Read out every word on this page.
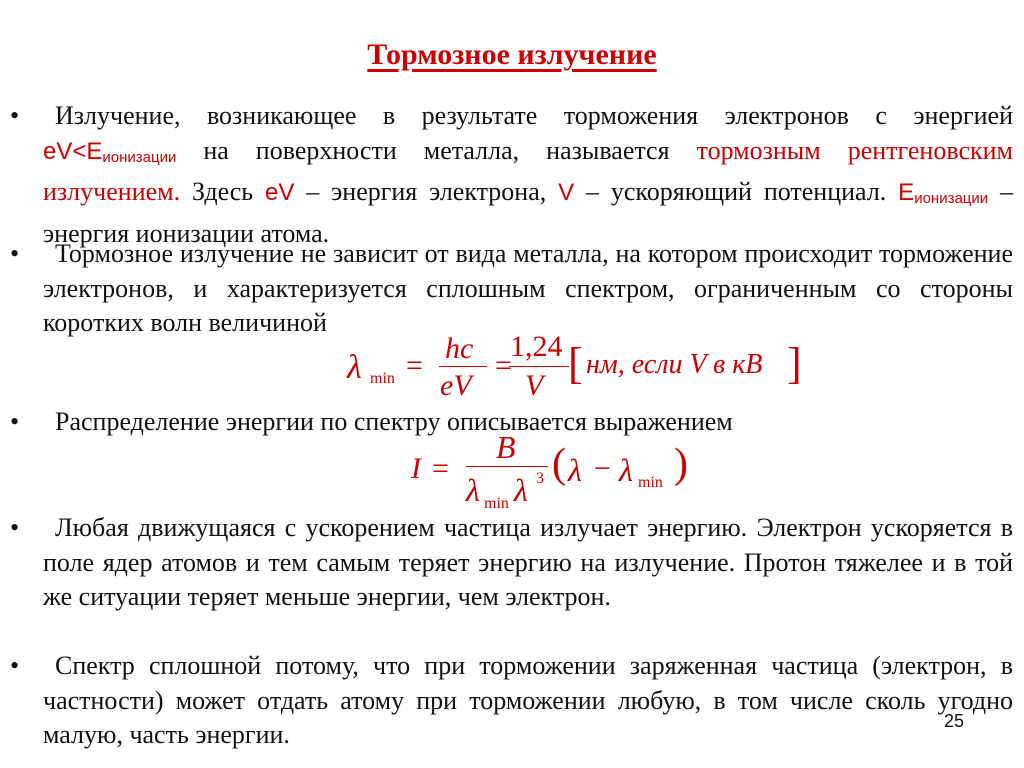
Тормозное излучение
•	Излучение, возникающее в результате торможения электронов с энергией $eV<E_{ионизации}$ на поверхности металла, называется тормозным рентгеновским излучением. Здесь eV – энергия электрона, V – ускоряющий потенциал. $E_{ионизации}$ – энергия ионизации атома.
•	Тормозное излучение не зависит от вида металла, на котором происходит торможение электронов, и характеризуется сплошным спектром, ограниченным со стороны коротких волн величиной
λ min =
hc
eV
=
1,24
V [ нм, если V в кВ ]
•	Распределение энергии по спектру описывается выражением
I =
B
λ min λ 3 ( λ − λ min )
•	Любая движущаяся с ускорением частица излучает энергию. Электрон ускоряется в поле ядер атомов и тем самым теряет энергию на излучение. Протон тяжелее и в той же ситуации теряет меньше энергии, чем электрон.
•	Спектр сплошной потому, что при торможении заряженная частица (электрон, в частности) может отдать атому при торможении любую, в том числе сколь угодно малую, часть энергии.	25
